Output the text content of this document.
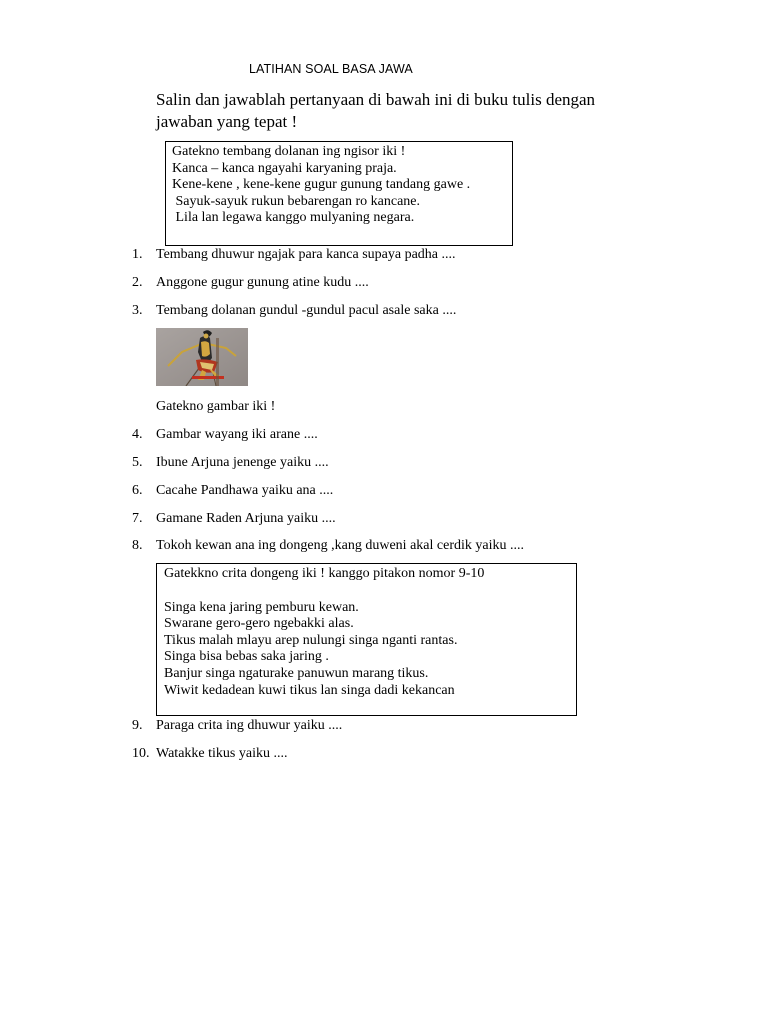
LATIHAN SOAL BASA JAWA
Salin dan jawablah pertanyaan di bawah ini di buku tulis dengan jawaban yang tepat !
Gatekno tembang dolanan ing ngisor iki !
Kanca – kanca ngayahi karyaning praja.
Kene-kene , kene-kene gugur gunung tandang gawe .
Sayuk-sayuk rukun bebarengan ro kancane.
Lila lan legawa kanggo mulyaning negara.
1. Tembang dhuwur ngajak para kanca supaya padha ....
2. Anggone gugur gunung atine kudu ....
3. Tembang dolanan gundul -gundul pacul asale saka ....
Gatekno gambar iki !
4. Gambar wayang iki arane ....
5. Ibune Arjuna jenenge yaiku ....
6. Cacahe Pandhawa yaiku ana ....
7. Gamane Raden Arjuna yaiku ....
8. Tokoh kewan ana ing dongeng ,kang duweni akal cerdik yaiku ....
Gatekkno crita dongeng iki ! kanggo pitakon nomor 9-10
Singa kena jaring pemburu kewan.
Swarane gero-gero ngebakki alas.
Tikus malah mlayu arep nulungi singa nganti rantas.
Singa bisa bebas saka jaring .
Banjur singa ngaturake panuwun marang tikus.
Wiwit kedadean kuwi tikus lan singa dadi kekancan
9. Paraga crita ing dhuwur yaiku ....
10. Watakke tikus yaiku ....
